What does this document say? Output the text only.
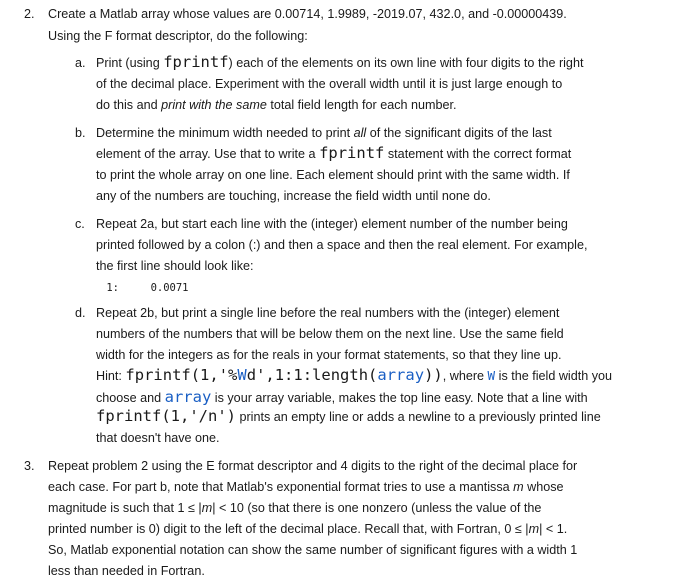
2. Create a Matlab array whose values are 0.00714, 1.9989, -2019.07, 432.0, and -0.00000439.
Using the F format descriptor, do the following:
a. Print (using fprintf) each of the elements on its own line with four digits to the right
of the decimal place. Experiment with the overall width until it is just large enough to
do this and print with the same total field length for each number.
b. Determine the minimum width needed to print all of the significant digits of the last
element of the array. Use that to write a fprintf statement with the correct format
to print the whole array on one line. Each element should print with the same width. If
any of the numbers are touching, increase the field width until none do.
c. Repeat 2a, but start each line with the (integer) element number of the number being
printed followed by a colon (:) and then a space and then the real element. For example,
the first line should look like:
1:     0.0071
d. Repeat 2b, but print a single line before the real numbers with the (integer) element
numbers of the numbers that will be below them on the next line. Use the same field
width for the integers as for the reals in your format statements, so that they line up.
Hint: fprintf(1,'%Wd',1:1:length(array)), where W is the field width you
choose and array is your array variable, makes the top line easy. Note that a line with
fprintf(1,'/n') prints an empty line or adds a newline to a previously printed line
that doesn't have one.
3. Repeat problem 2 using the E format descriptor and 4 digits to the right of the decimal place for
each case. For part b, note that Matlab's exponential format tries to use a mantissa m whose
magnitude is such that 1 ≤ |m| < 10 (so that there is one nonzero (unless the value of the
printed number is 0) digit to the left of the decimal place. Recall that, with Fortran, 0 ≤ |m| < 1.
So, Matlab exponential notation can show the same number of significant figures with a width 1
less than needed in Fortran.
